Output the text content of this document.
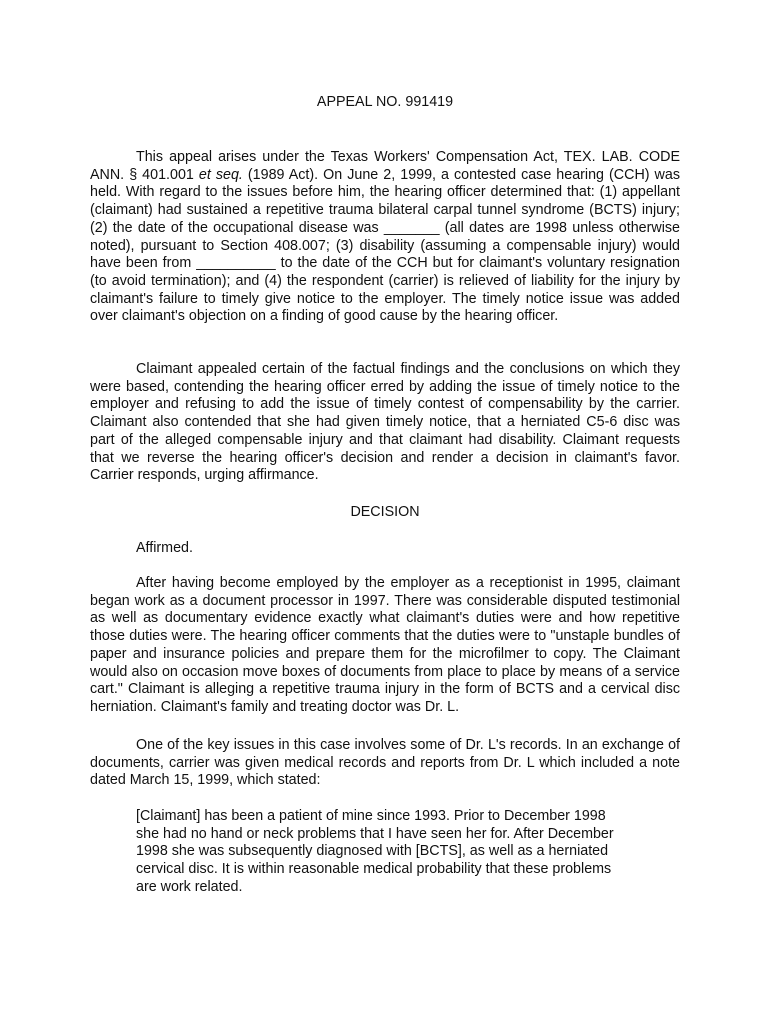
APPEAL NO. 991419

This appeal arises under the Texas Workers' Compensation Act, TEX. LAB. CODE ANN. § 401.001 et seq. (1989 Act). On June 2, 1999, a contested case hearing (CCH) was held. With regard to the issues before him, the hearing officer determined that: (1) appellant (claimant) had sustained a repetitive trauma bilateral carpal tunnel syndrome (BCTS) injury; (2) the date of the occupational disease was _______ (all dates are 1998 unless otherwise noted), pursuant to Section 408.007; (3) disability (assuming a compensable injury) would have been from __________ to the date of the CCH but for claimant's voluntary resignation (to avoid termination); and (4) the respondent (carrier) is relieved of liability for the injury by claimant's failure to timely give notice to the employer. The timely notice issue was added over claimant's objection on a finding of good cause by the hearing officer.

Claimant appealed certain of the factual findings and the conclusions on which they were based, contending the hearing officer erred by adding the issue of timely notice to the employer and refusing to add the issue of timely contest of compensability by the carrier. Claimant also contended that she had given timely notice, that a herniated C5-6 disc was part of the alleged compensable injury and that claimant had disability. Claimant requests that we reverse the hearing officer's decision and render a decision in claimant's favor. Carrier responds, urging affirmance.

DECISION

Affirmed.

After having become employed by the employer as a receptionist in 1995, claimant began work as a document processor in 1997. There was considerable disputed testimonial as well as documentary evidence exactly what claimant's duties were and how repetitive those duties were. The hearing officer comments that the duties were to "unstaple bundles of paper and insurance policies and prepare them for the microfilmer to copy. The Claimant would also on occasion move boxes of documents from place to place by means of a service cart." Claimant is alleging a repetitive trauma injury in the form of BCTS and a cervical disc herniation. Claimant's family and treating doctor was Dr. L.

One of the key issues in this case involves some of Dr. L's records. In an exchange of documents, carrier was given medical records and reports from Dr. L which included a note dated March 15, 1999, which stated:

[Claimant] has been a patient of mine since 1993. Prior to December 1998
she had no hand or neck problems that I have seen her for. After December
1998 she was subsequently diagnosed with [BCTS], as well as a herniated
cervical disc. It is within reasonable medical probability that these problems
are work related.
